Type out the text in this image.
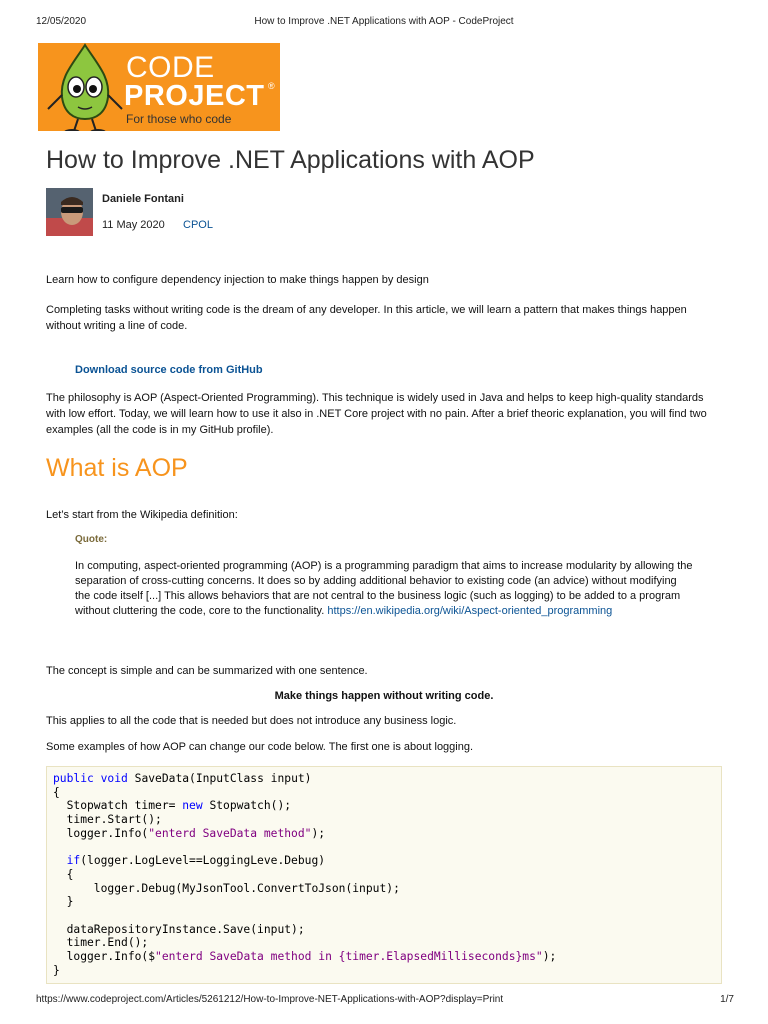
12/05/2020	How to Improve .NET Applications with AOP - CodeProject
CODE
PROJECT ®
For those who code
How to Improve .NET Applications with AOP
Daniele Fontani
11 May 2020 CPOL

Learn how to configure dependency injection to make things happen by design

Completing tasks without writing code is the dream of any developer. In this article, we will learn a pattern that makes things happen without writing a line of code.

Download source code from GitHub

The philosophy is AOP (Aspect-Oriented Programming). This technique is widely used in Java and helps to keep high-quality standards with low effort. Today, we will learn how to use it also in .NET Core project with no pain. After a brief theoric explanation, you will find two examples (all the code is in my GitHub profile).

What is AOP

Let’s start from the Wikipedia definition:

Quote:

In computing, aspect-oriented programming (AOP) is a programming paradigm that aims to increase modularity by allowing the separation of cross-cutting concerns. It does so by adding additional behavior to existing code (an advice) without modifying the code itself [...] This allows behaviors that are not central to the business logic (such as logging) to be added to a program without cluttering the code, core to the functionality. https://en.wikipedia.org/wiki/Aspect-oriented_programming

The concept is simple and can be summarized with one sentence.

Make things happen without writing code.

This applies to all the code that is needed but does not introduce any business logic.

Some examples of how AOP can change our code below. The first one is about logging.

public void SaveData(InputClass input)
{
Stopwatch timer= new Stopwatch();
timer.Start();
logger.Info("enterd SaveData method");

if(logger.LogLevel==LoggingLeve.Debug)
{
logger.Debug(MyJsonTool.ConvertToJson(input);
}

dataRepositoryInstance.Save(input);
timer.End();
logger.Info($"enterd SaveData method in {timer.ElapsedMilliseconds}ms");
}
https://www.codeproject.com/Articles/5261212/How-to-Improve-NET-Applications-with-AOP?display=Print	1/7
